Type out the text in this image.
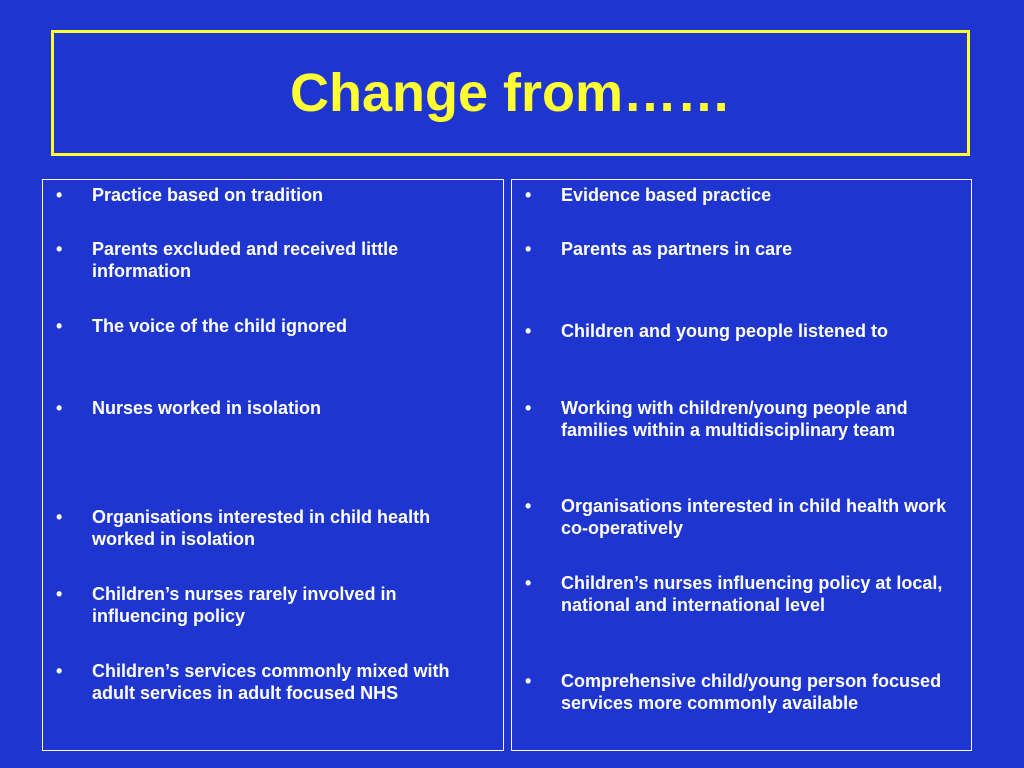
Change from……
• Practice based on tradition
• Parents excluded and received little information
• The voice of the child ignored
• Nurses worked in isolation
• Organisations interested in child health worked in isolation
• Children’s nurses rarely involved in influencing policy
• Children’s services commonly mixed with adult services in adult focused NHS
• Evidence based practice
• Parents as partners in care
• Children and young people listened to
• Working with children/young people and families within a multidisciplinary team
• Organisations interested in child health work co-operatively
• Children’s nurses influencing policy at local, national and international level
• Comprehensive child/young person focused services more commonly available
